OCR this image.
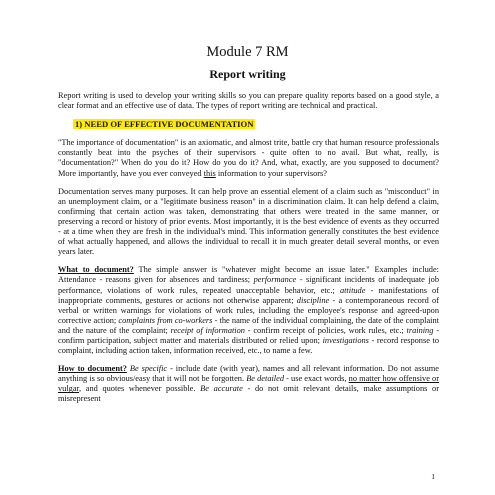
Module 7 RM
Report writing

Report writing is used to develop your writing skills so you can prepare quality reports based on a good style, a clear format and an effective use of data. The types of report writing are technical and practical.

1) NEED OF EFFECTIVE DOCUMENTATION

"The importance of documentation" is an axiomatic, and almost trite, battle cry that human resource professionals constantly beat into the psyches of their supervisors - quite often to no avail. But what, really, is "documentation?" When do you do it? How do you do it? And, what, exactly, are you supposed to document? More importantly, have you ever conveyed this information to your supervisors?

Documentation serves many purposes. It can help prove an essential element of a claim such as "misconduct" in an unemployment claim, or a "legitimate business reason" in a discrimination claim. It can help defend a claim, confirming that certain action was taken, demonstrating that others were treated in the same manner, or preserving a record or history of prior events. Most importantly, it is the best evidence of events as they occurred - at a time when they are fresh in the individual's mind. This information generally constitutes the best evidence of what actually happened, and allows the individual to recall it in much greater detail several months, or even years later.

What to document? The simple answer is "whatever might become an issue later." Examples include: Attendance - reasons given for absences and tardiness; performance - significant incidents of inadequate job performance, violations of work rules, repeated unacceptable behavior, etc.; attitude - manifestations of inappropriate comments, gestures or actions not otherwise apparent; discipline - a contemporaneous record of verbal or written warnings for violations of work rules, including the employee's response and agreed-upon corrective action; complaints from co-workers - the name of the individual complaining, the date of the complaint and the nature of the complaint; receipt of information - confirm receipt of policies, work rules, etc.; training - confirm participation, subject matter and materials distributed or relied upon; investigations - record response to complaint, including action taken, information received, etc., to name a few.

How to document? Be specific - include date (with year), names and all relevant information. Do not assume anything is so obvious/easy that it will not be forgotten. Be detailed - use exact words, no matter how offensive or vulgar, and quotes whenever possible. Be accurate - do not omit relevant details, make assumptions or misrepresent

1
